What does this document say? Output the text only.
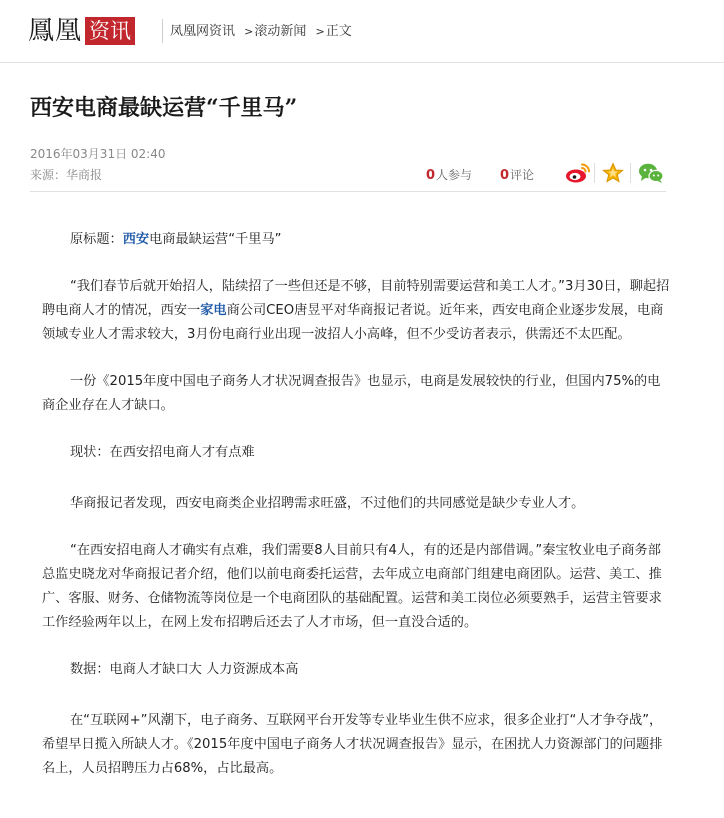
鳳凰 资讯	凤凰网资讯 >滚动新闻 >正文
西安电商最缺运营“千里马”
2016年03月31日 02:40
来源：华商报	0人参与 0评论

原标题：西安电商最缺运营“千里马”

“我们春节后就开始招人，陆续招了一些但还是不够，目前特别需要运营和美工人才。”3月30日，聊起招聘电商人才的情况，西安一家电商公司CEO唐昱平对华商报记者说。近年来，西安电商企业逐步发展，电商领域专业人才需求较大，3月份电商行业出现一波招人小高峰，但不少受访者表示，供需还不太匹配。

一份《2015年度中国电子商务人才状况调查报告》也显示，电商是发展较快的行业，但国内75%的电商企业存在人才缺口。

现状：在西安招电商人才有点难

华商报记者发现，西安电商类企业招聘需求旺盛，不过他们的共同感觉是缺少专业人才。

“在西安招电商人才确实有点难，我们需要8人目前只有4人，有的还是内部借调。”秦宝牧业电子商务部总监史晓龙对华商报记者介绍，他们以前电商委托运营，去年成立电商部门组建电商团队。运营、美工、推广、客服、财务、仓储物流等岗位是一个电商团队的基础配置。运营和美工岗位必须要熟手，运营主管要求工作经验两年以上，在网上发布招聘后还去了人才市场，但一直没合适的。

数据：电商人才缺口大 人力资源成本高

在“互联网+”风潮下，电子商务、互联网平台开发等专业毕业生供不应求，很多企业打“人才争夺战”，希望早日揽入所缺人才。《2015年度中国电子商务人才状况调查报告》显示，在困扰人力资源部门的问题排名上，人员招聘压力占68%，占比最高。
